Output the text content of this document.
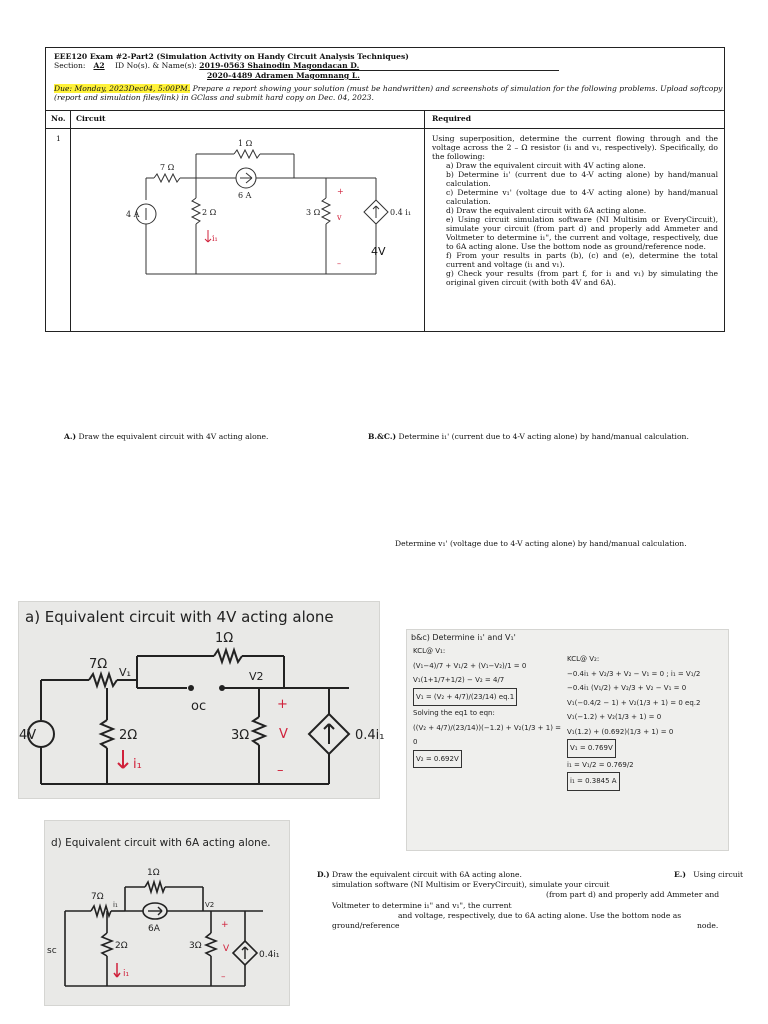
EEE120 Exam #2-Part2 (Simulation Activity on Handy Circuit Analysis Techniques)
Section: A2 ID No(s). & Name(s): 2019-0563 Shainodin Magondacan D.
2020-4489 Adramen Magomnang L.
Due: Monday, 2023Dec04, 5:00PM. Prepare a report showing your solution (must be handwritten) and screenshots of simulation for the following problems. Upload softcopy
(report and simulation files/link) in GClass and submit hard copy on Dec. 04, 2023.
No. Circuit	Required
1
1 Ω
7 Ω
6 A
4 A	2 Ω	3 Ω	0.4 i₁
+
v
i₁
–
4V
Using superposition, determine the current flowing through and the voltage across the 2 – Ω resistor (i₁ and v₁, respectively). Specifically, do the following:
a) Draw the equivalent circuit with 4V acting alone.
b) Determine i₁' (current due to 4-V acting alone) by hand/manual calculation.
c) Determine v₁' (voltage due to 4-V acting alone) by hand/manual calculation.
d) Draw the equivalent circuit with 6A acting alone.
e) Using circuit simulation software (NI Multisim or EveryCircuit), simulate your circuit (from part d) and properly add Ammeter and Voltmeter to determine i₁", the current and voltage, respectively, due to 6A acting alone. Use the bottom node as ground/reference node.
f) From your results in parts (b), (c) and (e), determine the total current and voltage (i₁ and v₁).
g) Check your results (from part f, for i₁ and v₁) by simulating the original given circuit (with both 4V and 6A).
A.) Draw the equivalent circuit with 4V acting alone.	B.&C.) Determine i₁' (current due to 4-V acting alone) by hand/manual calculation.
Determine v₁' (voltage due to 4-V acting alone) by hand/manual calculation.
a) Equivalent circuit with 4V acting alone
1Ω
7Ω
V₁	V2
oc
4V	2Ω	3Ω	0.4i₁
i₁
+
V
–
b&c) Determine i₁' and V₁'
KCL@ V₁:
(V₁−4)/7 + V₁/2 + (V₁−V₂)/1 = 0
V₁(1+1/7+1/2) − V₂ = 4/7
V₁ = (V₂ + 4/7)/(23/14) eq.1
Solving the eq1 to eqn:
((V₂ + 4/7)/(23/14))(−1.2) + V₂(1/3 + 1) = 0
V₂ = 0.692V
KCL@ V₂:
−0.4i₁ + V₂/3 + V₂ − V₁ = 0 ; i₁ = V₁/2
−0.4i₁ (V₁/2) + V₂/3 + V₂ − V₁ = 0
V₁(−0.4/2 − 1) + V₂(1/3 + 1) = 0 eq.2
V₁(−1.2) + V₂(1/3 + 1) = 0
V₁(1.2) + (0.692)(1/3 + 1) = 0
V₁ = 0.769V
i₁ = V₁/2 = 0.769/2
i₁ = 0.3845 A
d) Equivalent circuit with 6A acting alone.
1Ω
7Ω
i₁	V2
6A
sc	2Ω	3Ω
0.4i₁
i₁
+
V
–
D.) Draw the equivalent circuit with 6A acting alone.	E.) Using circuit
simulation software (NI Multisim or EveryCircuit), simulate your circuit
(from part d) and properly add Ammeter and
Voltmeter to determine i₁" and v₁", the current
and voltage, respectively, due to 6A acting alone. Use the bottom node as
ground/reference	node.
